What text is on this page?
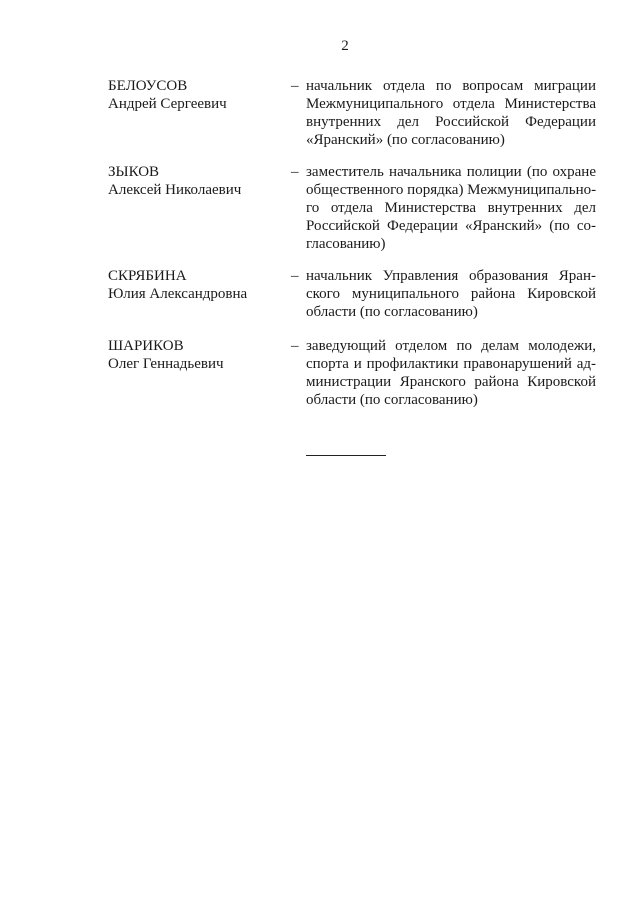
2
БЕЛОУСОВ
Андрей Сергеевич
– начальник отдела по вопросам миграции
Межмуниципального отдела Министерства
внутренних дел Российской Федерации
«Яранский» (по согласованию)
ЗЫКОВ
Алексей Николаевич
– заместитель начальника полиции (по охране
общественного порядка) Межмуниципально-
го отдела Министерства внутренних дел
Российской Федерации «Яранский» (по со-
гласованию)
СКРЯБИНА
Юлия Александровна
– начальник Управления образования Яран-
ского муниципального района Кировской
области (по согласованию)
ШАРИКОВ
Олег Геннадьевич
– заведующий отделом по делам молодежи,
спорта и профилактики правонарушений ад-
министрации Яранского района Кировской
области (по согласованию)
